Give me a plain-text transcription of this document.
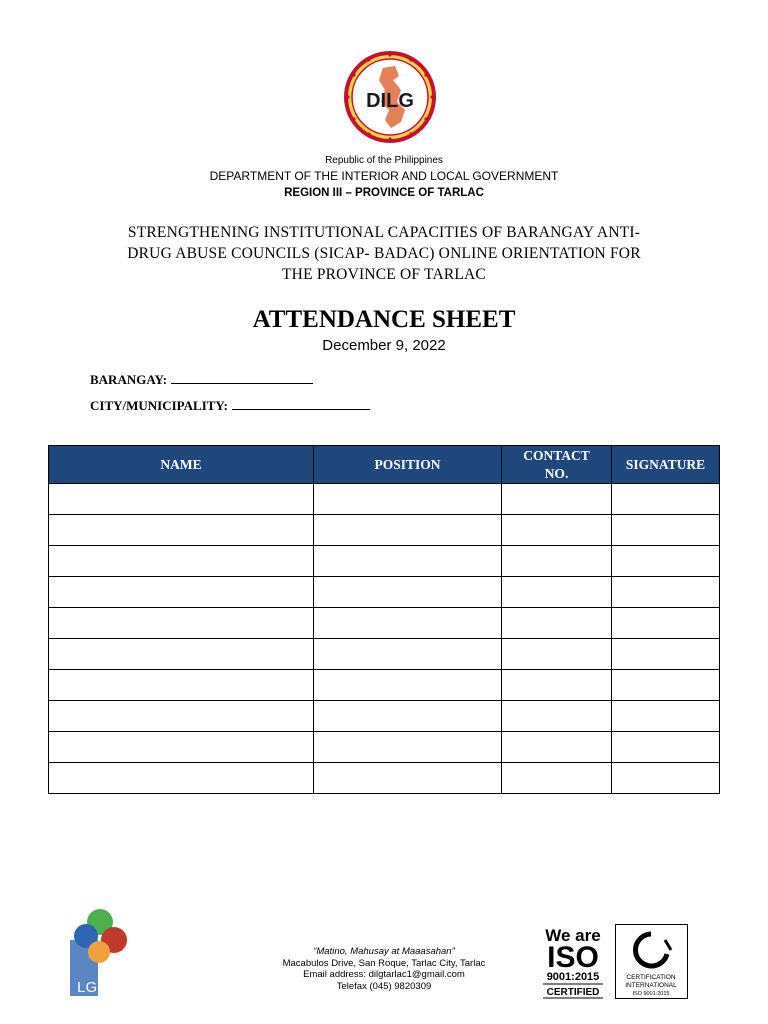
DILG
Republic of the Philippines
DEPARTMENT OF THE INTERIOR AND LOCAL GOVERNMENT
REGION III – PROVINCE OF TARLAC
STRENGTHENING INSTITUTIONAL CAPACITIES OF BARANGAY ANTI-
DRUG ABUSE COUNCILS (SICAP- BADAC) ONLINE ORIENTATION FOR
THE PROVINCE OF TARLAC
ATTENDANCE SHEET
December 9, 2022
BARANGAY:
CITY/MUNICIPALITY:
NAME	POSITION	CONTACT NO.	SIGNATURE

LGRC
“Matino, Mahusay at Maaasahan”
Macabulos Drive, San Roque, Tarlac City, Tarlac
Email address: dilgtarlac1@gmail.com
Telefax (045) 9820309
We are
ISO
9001:2015
CERTIFIED
CERTIFICATION
INTERNATIONAL
ISO 9001:2015
